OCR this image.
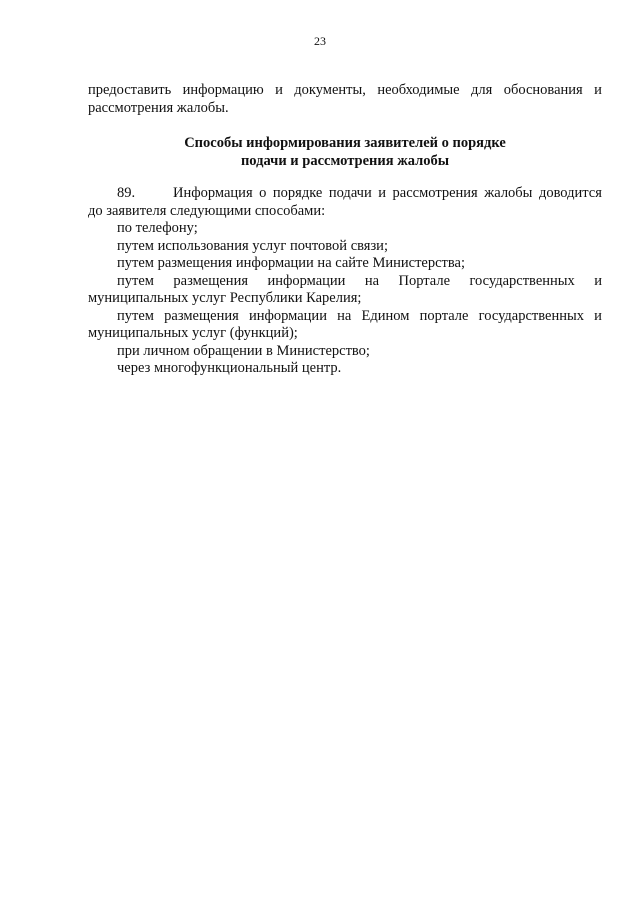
23
предоставить информацию и документы, необходимые для обоснования и
рассмотрения жалобы.
Способы информирования заявителей о порядке
подачи и рассмотрения жалобы
89.	Информация о порядке подачи и рассмотрения жалобы доводится
до заявителя следующими способами:
по телефону;
путем использования услуг почтовой связи;
путем размещения информации на сайте Министерства;
путем размещения информации на Портале государственных и
муниципальных услуг Республики Карелия;
путем размещения информации на Едином портале государственных и
муниципальных услуг (функций);
при личном обращении в Министерство;
через многофункциональный центр.
